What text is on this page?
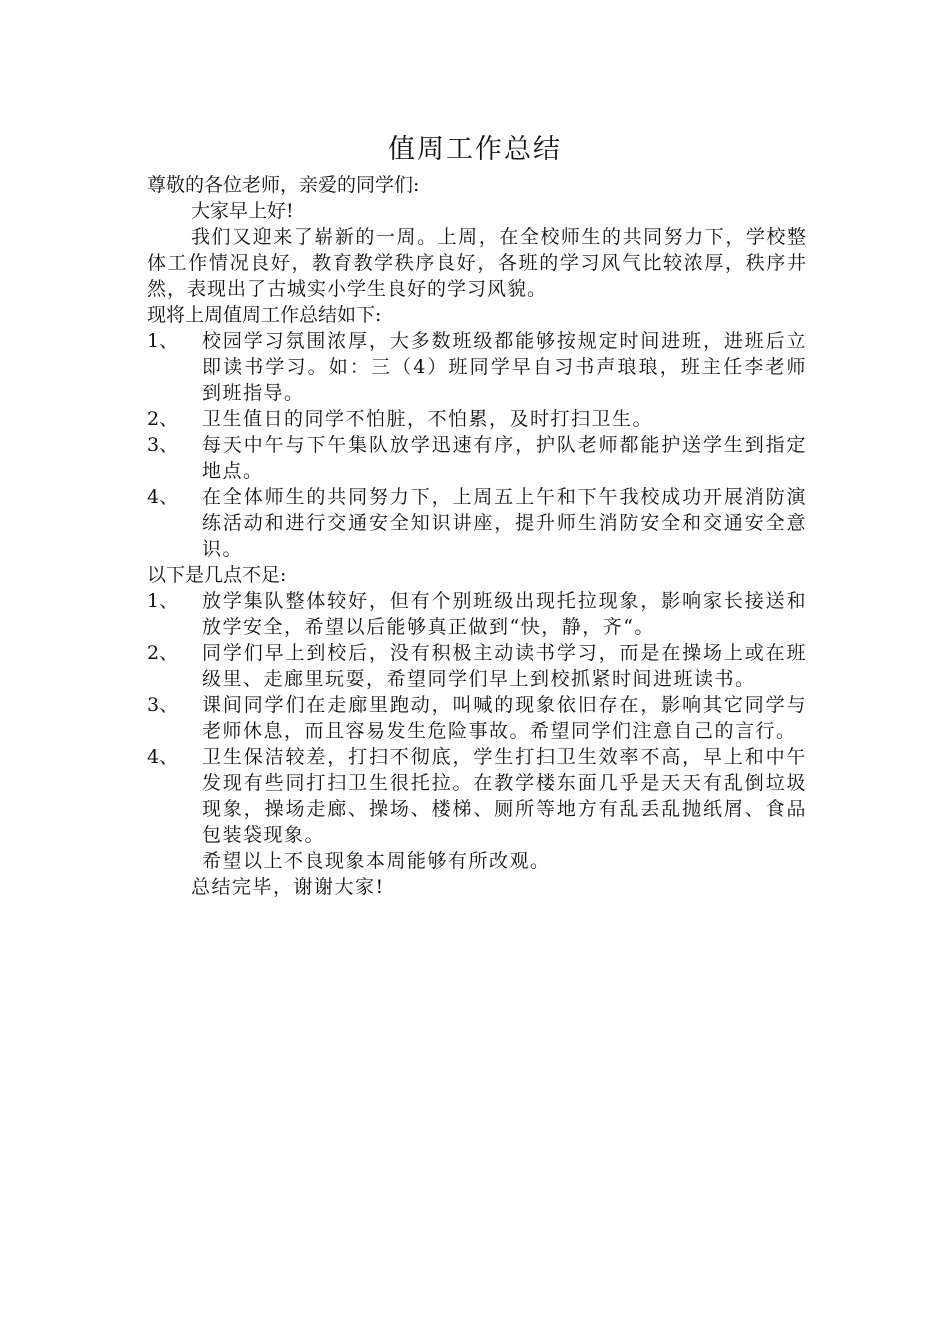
值周工作总结
尊敬的各位老师，亲爱的同学们:
大家早上好!
我们又迎来了崭新的一周。上周，在全校师生的共同努力下，学校整体工作情况良好，教育教学秩序良好，各班的学习风气比较浓厚，秩序井然，表现出了古城实小学生良好的学习风貌。
现将上周值周工作总结如下:
1、	校园学习氛围浓厚，大多数班级都能够按规定时间进班，进班后立即读书学习。如：三（4）班同学早自习书声琅琅，班主任李老师到班指导。
2、	卫生值日的同学不怕脏，不怕累，及时打扫卫生。
3、	每天中午与下午集队放学迅速有序，护队老师都能护送学生到指定地点。
4、	在全体师生的共同努力下，上周五上午和下午我校成功开展消防演练活动和进行交通安全知识讲座，提升师生消防安全和交通安全意识。
以下是几点不足:
1、	放学集队整体较好，但有个别班级出现托拉现象，影响家长接送和放学安全，希望以后能够真正做到“快，静，齐“。
2、	同学们早上到校后，没有积极主动读书学习，而是在操场上或在班级里、走廊里玩耍，希望同学们早上到校抓紧时间进班读书。
3、	课间同学们在走廊里跑动，叫喊的现象依旧存在，影响其它同学与老师休息，而且容易发生危险事故。希望同学们注意自己的言行。
4、	卫生保洁较差，打扫不彻底，学生打扫卫生效率不高，早上和中午发现有些同打扫卫生很托拉。在教学楼东面几乎是天天有乱倒垃圾现象，操场走廊、操场、楼梯、厕所等地方有乱丢乱抛纸屑、食品包装袋现象。
希望以上不良现象本周能够有所改观。
总结完毕，谢谢大家!
